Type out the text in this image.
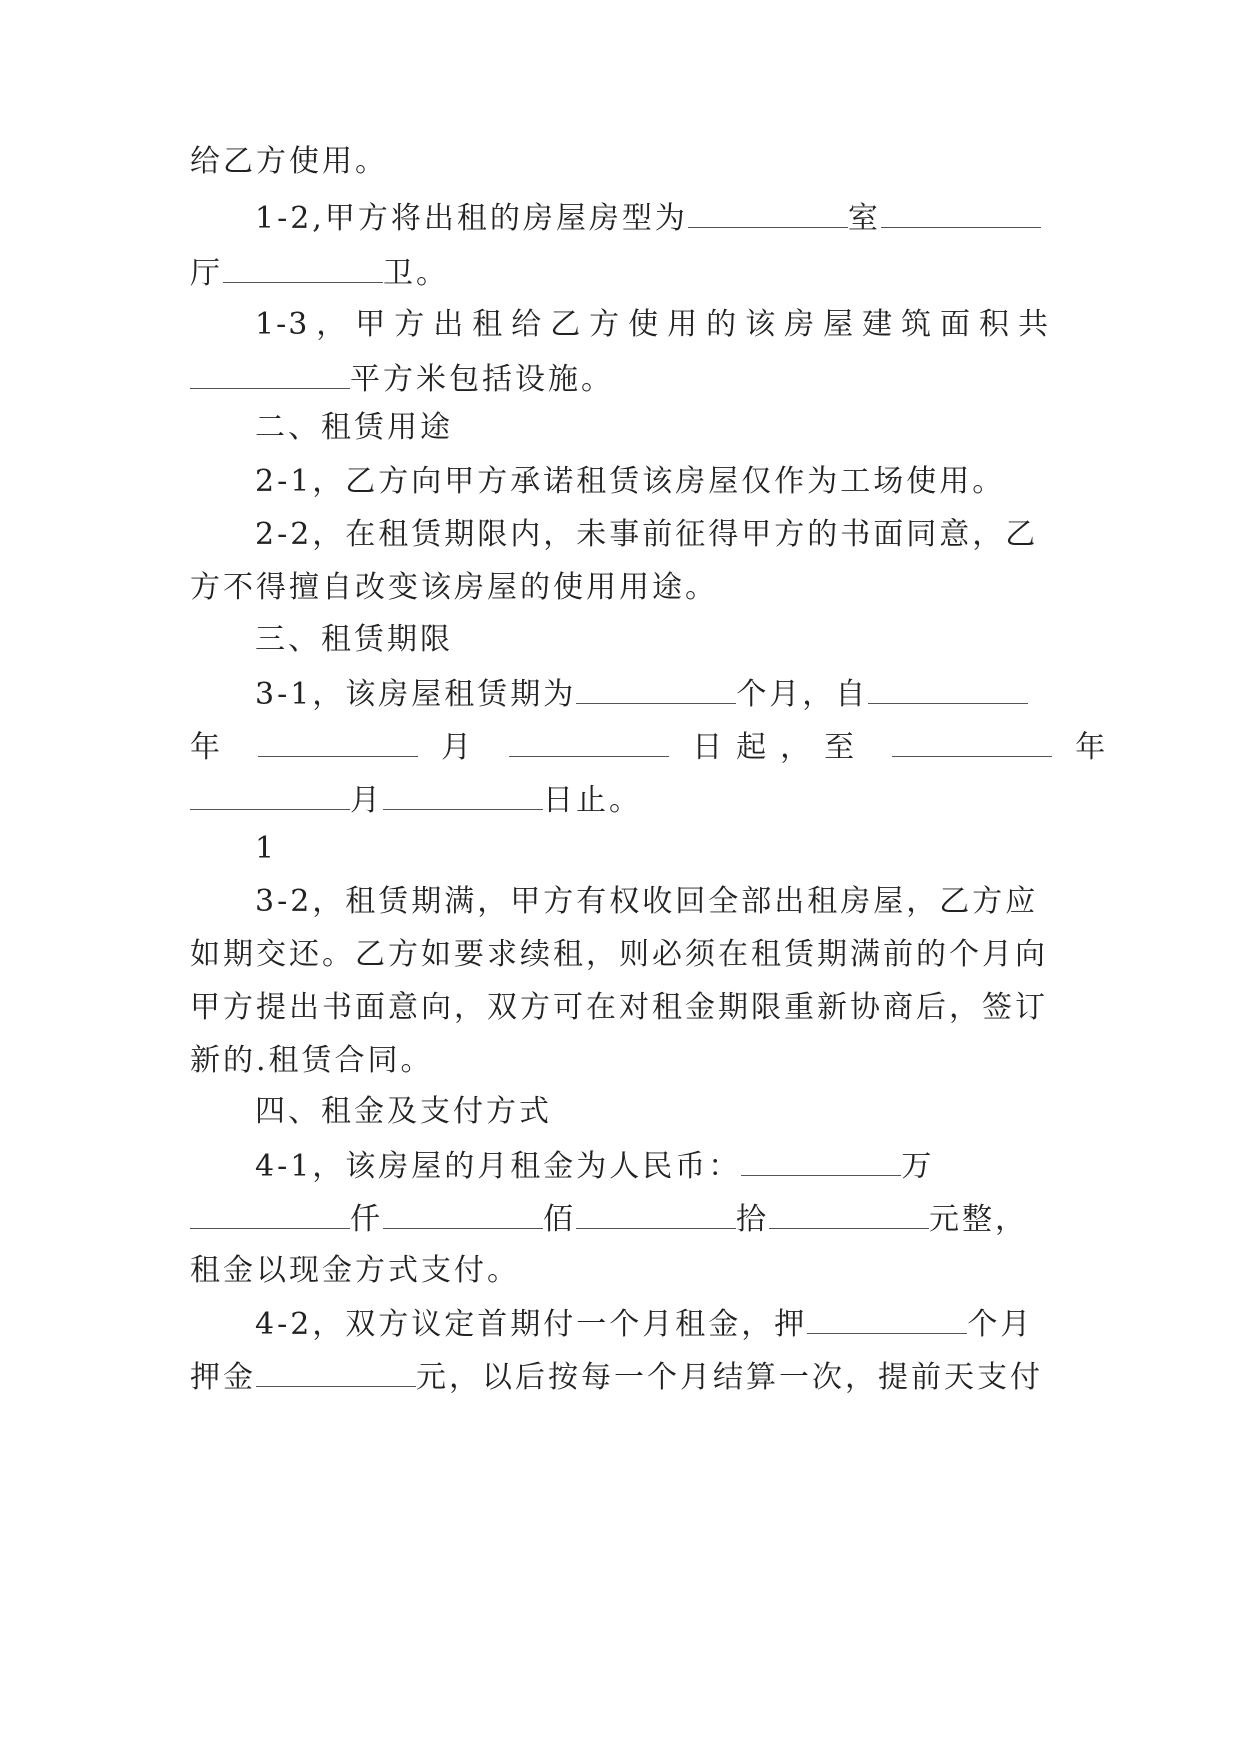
给乙方使用。

1-2,甲方将出租的房屋房型为	室

厅	卫。

1-3，甲方出租给乙方使用的该房屋建筑面积共

平方米包括设施。

二、租赁用途

2-1，乙方向甲方承诺租赁该房屋仅作为工场使用。

2-2，在租赁期限内，未事前征得甲方的书面同意，乙

方不得擅自改变该房屋的使用用途。

三、租赁期限

3-1，该房屋租赁期为	个月，自

年	月	日起，至	年

月	日止。

1

3-2，租赁期满，甲方有权收回全部出租房屋，乙方应

如期交还。乙方如要求续租，则必须在租赁期满前的个月向

甲方提出书面意向，双方可在对租金期限重新协商后，签订

新的.租赁合同。

四、租金及支付方式

4-1，该房屋的月租金为人民币：	万

仟	佰	拾	元整，

租金以现金方式支付。

4-2，双方议定首期付一个月租金，押	个月

押金	元，以后按每一个月结算一次，提前天支付
